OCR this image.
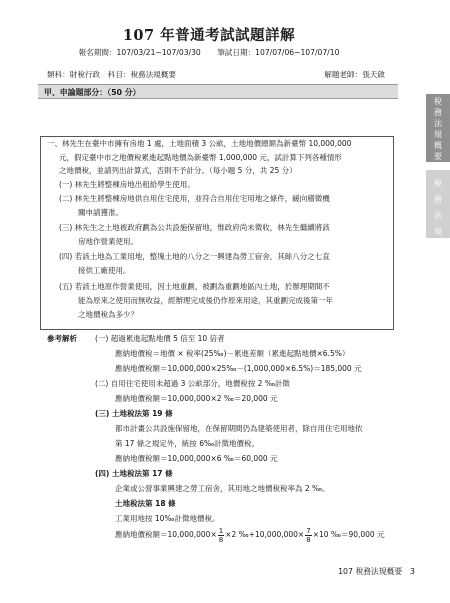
107 年普通考試試題詳解
報名期間：107/03/21~107/03/30 筆試日期：107/07/06~107/07/10
類科：財稅行政　科目：稅務法規概要	解題老師：張天啟
甲、申論題部分：（50 分）
一、林先生在臺中市擁有房地 1 處，土地面積 3 公畝，土地地價總額為新臺幣 10,000,000
元，假定臺中市之地價稅累進起點地價為新臺幣 1,000,000 元，試計算下列各種情形
之地價稅，並請列出計算式，否則不予計分。（每小題 5 分，共 25 分）
(一) 林先生將整棟房地出租給學生使用。
(二) 林先生將整棟房地供自用住宅使用，並符合自用住宅用地之條件，緩向稽徵機
關申請獲准。
(三) 林先生之土地被政府劃為公共設施保留地，惟政府尚未徵收，林先生繼續將該
房地作營業使用。
(四) 若該土地為工業用地，整塊土地的八分之一興建為勞工宿舍，其餘八分之七直
接供工廠使用。
(五) 若該土地原作營業使用，因土地重劃，被劃為重劃地區內土地，於辦理期間不
能為原來之使用而無收益，經辦理完成後仍作原來用途，其重劃完成後第一年
之地價稅為多少？
參考解析 (一) 超過累進起點地價 5 倍至 10 倍者
應納地價稅＝地價 × 稅率(25‰)－累進差額（累進起點地價×6.5%）
應納地價稅額＝10,000,000×25‰－(1,000,000×6.5%)＝185,000 元
(二) 自用住宅使用未超過 3 公畝部分，地價稅按 2 ‰計徵
應納地價稅額＝10,000,000×2 ‰＝20,000 元
(三) 土地稅法第 19 條
都市計畫公共設施保留地，在保留期間仍為建築使用者，除自用住宅用地依
第 17 條之規定外，統按 6‰計徵地價稅。
應納地價稅額＝10,000,000×6 ‰＝60,000 元
(四) 土地稅法第 17 條
企業或公營事業興建之勞工宿舍，其用地之地價稅稅率為 2 ‰。
土地稅法第 18 條
工業用地按 10‰計徵地價稅。
應納地價稅額$=10,000,000\times \frac{1}{8} \times 2$ ‰+10,000,000× $\frac{7}{8} \times 10$ ‰＝90,000 元
稅
務
法
規
概
要
稅
務
法
規
107 稅務法規概要　3
